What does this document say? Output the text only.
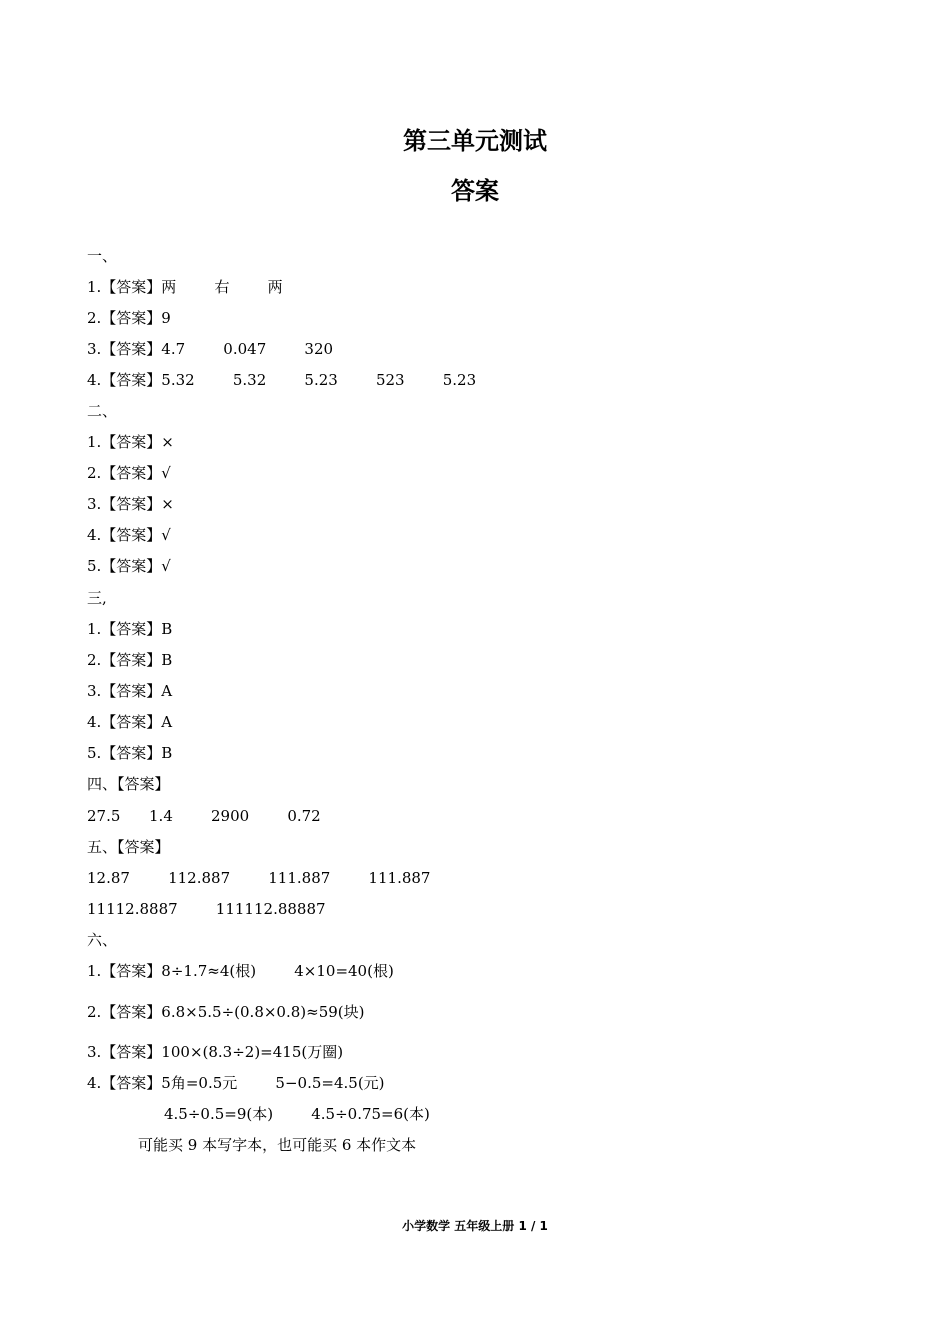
第三单元测试
答案
一、
1.【答案】两        右        两
2.【答案】9
3.【答案】4.7        0.047        320
4.【答案】5.32        5.32        5.23        523        5.23
二、
1.【答案】×
2.【答案】√
3.【答案】×
4.【答案】√
5.【答案】√
三,
1.【答案】B
2.【答案】B
3.【答案】A
4.【答案】A
5.【答案】B
四、【答案】
27.5      1.4        2900        0.72
五、【答案】
12.87        112.887        111.887        111.887
11112.8887        111112.88887
六、
1.【答案】8÷1.7≈4(根)        4×10=40(根)
2.【答案】6.8×5.5÷(0.8×0.8)≈59(块)
3.【答案】100×(8.3÷2)=415(万圈)
4.【答案】5角=0.5元        5−0.5=4.5(元)
4.5÷0.5=9(本)        4.5÷0.75=6(本)
可能买 9 本写字本，也可能买 6 本作文本
小学数学 五年级上册 1 / 1
